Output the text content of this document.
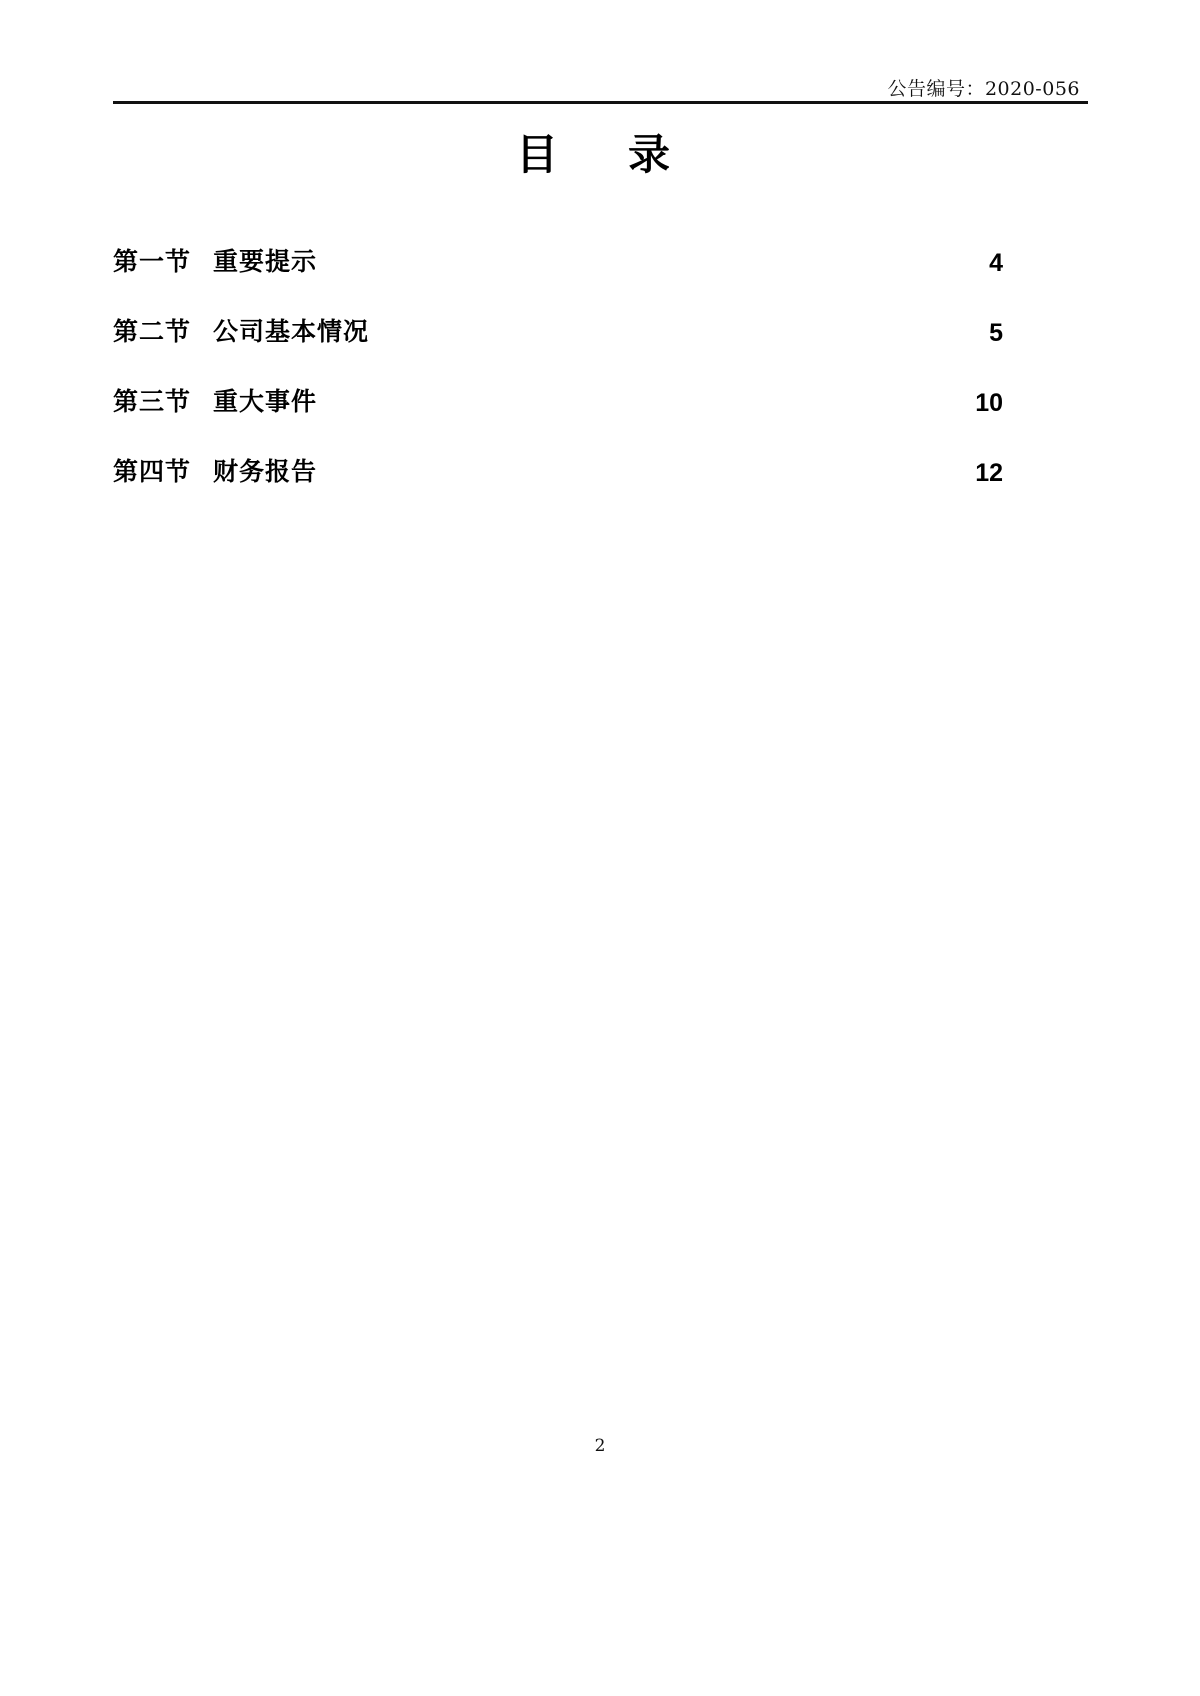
公告编号：2020-056
目　录
第一节 重要提示 .....	4
第二节 公司基本情况 .....	5
第三节 重大事件 .....	10
第四节 财务报告 .....	12
2
